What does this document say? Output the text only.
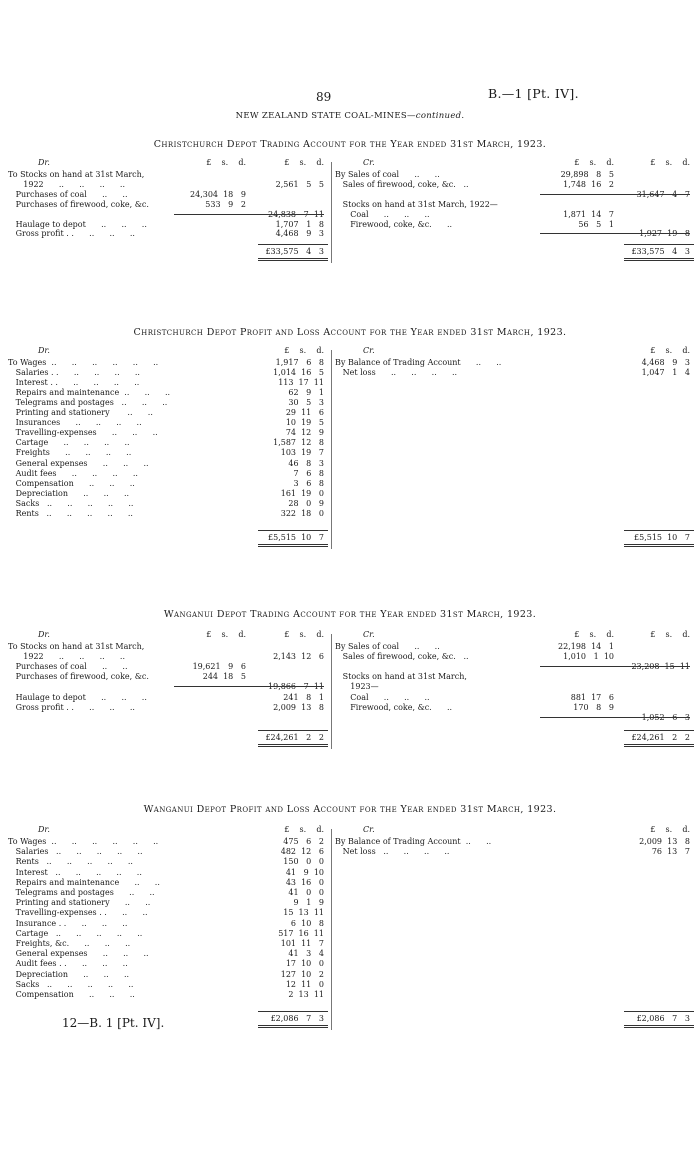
89	B.—1 [Pt. IV].
NEW ZEALAND STATE COAL-MINES—continued.
Christchurch Depot Trading Account for the Year ended 31st March, 1923.
Dr.	£    s.    d.	£    s.    d.
To Stocks on hand at 31st March,
1922      ..      ..      ..      ..	2,561   5   5
Purchases of coal      ..      ..	24,304  18   9
Purchases of firewood, coke, &c.	533   9   2
24,838   7  11
Haulage to depot      ..      ..      ..	1,707   1   8
Gross profit . .      ..      ..      ..	4,468   9   3
£33,575   4   3
Cr.	£    s.    d.	£    s.    d.
By Sales of coal      ..      ..	29,898   8   5
Sales of firewood, coke, &c.   ..	1,748  16   2
31,647   4   7
Stocks on hand at 31st March, 1922—
Coal      ..      ..      ..	1,871  14   7
Firewood, coke, &c.      ..	56   5   1
1,927  19   8
£33,575   4   3
Christchurch Depot Profit and Loss Account for the Year ended 31st March, 1923.
Dr.	£    s.    d.
To Wages  ..      ..      ..      ..      ..      ..	1,917   6   8
Salaries . .      ..      ..      ..      ..	1,014  16   5
Interest . .      ..      ..      ..      ..	113  17  11
Repairs and maintenance  ..      ..      ..	62   9   1
Telegrams and postages   ..      ..      ..	30   5   3
Printing and stationery       ..      ..	29  11   6
Insurances      ..      ..      ..      ..	10  19   5
Travelling-expenses      ..      ..      ..	74  12   9
Cartage      ..      ..      ..      ..	1,587  12   8
Freights      ..      ..      ..      ..	103  19   7
General expenses      ..      ..      ..	46   8   3
Audit fees      ..      ..      ..      ..	7   6   8
Compensation      ..      ..      ..	3   6   8
Depreciation      ..      ..      ..	161  19   0
Sacks   ..      ..      ..      ..      ..	28   0   9
Rents   ..      ..      ..      ..      ..	322  18   0
£5,515  10   7
Cr.	£    s.    d.
By Balance of Trading Account      ..      ..	4,468   9   3
Net loss      ..      ..      ..      ..	1,047   1   4
£5,515  10   7
Wanganui Depot Trading Account for the Year ended 31st March, 1923.
Dr.	£    s.    d.	£    s.    d.
To Stocks on hand at 31st March,
1922      ..      ..      ..      ..	2,143  12   6
Purchases of coal      ..      ..	19,621   9   6
Purchases of firewood, coke, &c.	244  18   5
19,866   7  11
Haulage to depot      ..      ..      ..	241   8   1
Gross profit . .      ..      ..      ..	2,009  13   8
£24,261   2   2
Cr.	£    s.    d.	£    s.    d.
By Sales of coal      ..      ..	22,198  14   1
Sales of firewood, coke, &c.   ..	1,010   1  10
23,208  15  11
Stocks on hand at 31st March,
1923—
Coal      ..      ..      ..	881  17   6
Firewood, coke, &c.      ..	170   8   9
1,052   6   3
£24,261   2   2
Wanganui Depot Profit and Loss Account for the Year ended 31st March, 1923.
Dr.	£    s.    d.
To Wages  ..      ..      ..      ..      ..      ..	475   6   2
Salaries   ..      ..      ..      ..      ..	482  12   6
Rents   ..      ..      ..      ..      ..	150   0   0
Interest   ..      ..      ..      ..      ..	41   9  10
Repairs and maintenance      ..      ..	43  16   0
Telegrams and postages      ..      ..	41   0   0
Printing and stationery      ..      ..	9   1   9
Travelling-expenses . .      ..      ..	15  13  11
Insurance . .      ..      ..      ..	6  10   8
Cartage   ..      ..      ..      ..      ..	517  16  11
Freights, &c.      ..      ..      ..	101  11   7
General expenses      ..      ..      ..	41   3   4
Audit fees . .      ..      ..      ..	17  10   0
Depreciation      ..      ..      ..	127  10   2
Sacks   ..      ..      ..      ..      ..	12  11   0
Compensation      ..      ..      ..	2  13  11
£2,086   7   3
Cr.	£    s.    d.
By Balance of Trading Account  ..      ..	2,009  13   8
Net loss   ..      ..      ..      ..	76  13   7
£2,086   7   3
12—B. 1 [Pt. IV].
